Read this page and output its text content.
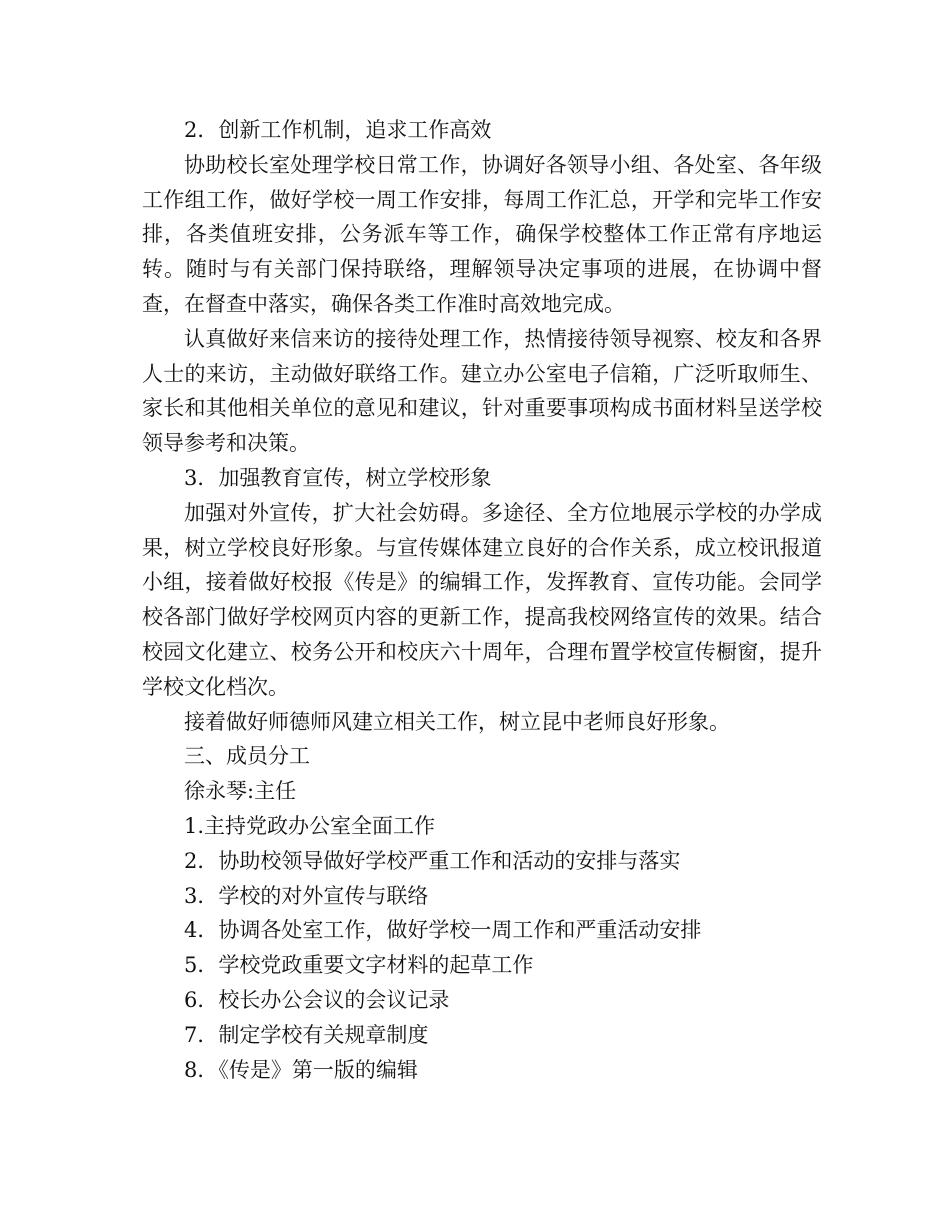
2．创新工作机制，追求工作高效

协助校长室处理学校日常工作，协调好各领导小组、各处室、各年级工作组工作，做好学校一周工作安排，每周工作汇总，开学和完毕工作安排，各类值班安排，公务派车等工作，确保学校整体工作正常有序地运转。随时与有关部门保持联络，理解领导决定事项的进展，在协调中督查，在督查中落实，确保各类工作准时高效地完成。

认真做好来信来访的接待处理工作，热情接待领导视察、校友和各界人士的来访，主动做好联络工作。建立办公室电子信箱，广泛听取师生、家长和其他相关单位的意见和建议，针对重要事项构成书面材料呈送学校领导参考和决策。

3．加强教育宣传，树立学校形象

加强对外宣传，扩大社会妨碍。多途径、全方位地展示学校的办学成果，树立学校良好形象。与宣传媒体建立良好的合作关系，成立校讯报道小组，接着做好校报《传是》的编辑工作，发挥教育、宣传功能。会同学校各部门做好学校网页内容的更新工作，提高我校网络宣传的效果。结合校园文化建立、校务公开和校庆六十周年，合理布置学校宣传橱窗，提升学校文化档次。

接着做好师德师风建立相关工作，树立昆中老师良好形象。

三、成员分工

徐永琴:主任

1.主持党政办公室全面工作

2．协助校领导做好学校严重工作和活动的安排与落实

3．学校的对外宣传与联络

4．协调各处室工作，做好学校一周工作和严重活动安排

5．学校党政重要文字材料的起草工作

6．校长办公会议的会议记录

7．制定学校有关规章制度

8．《传是》第一版的编辑
